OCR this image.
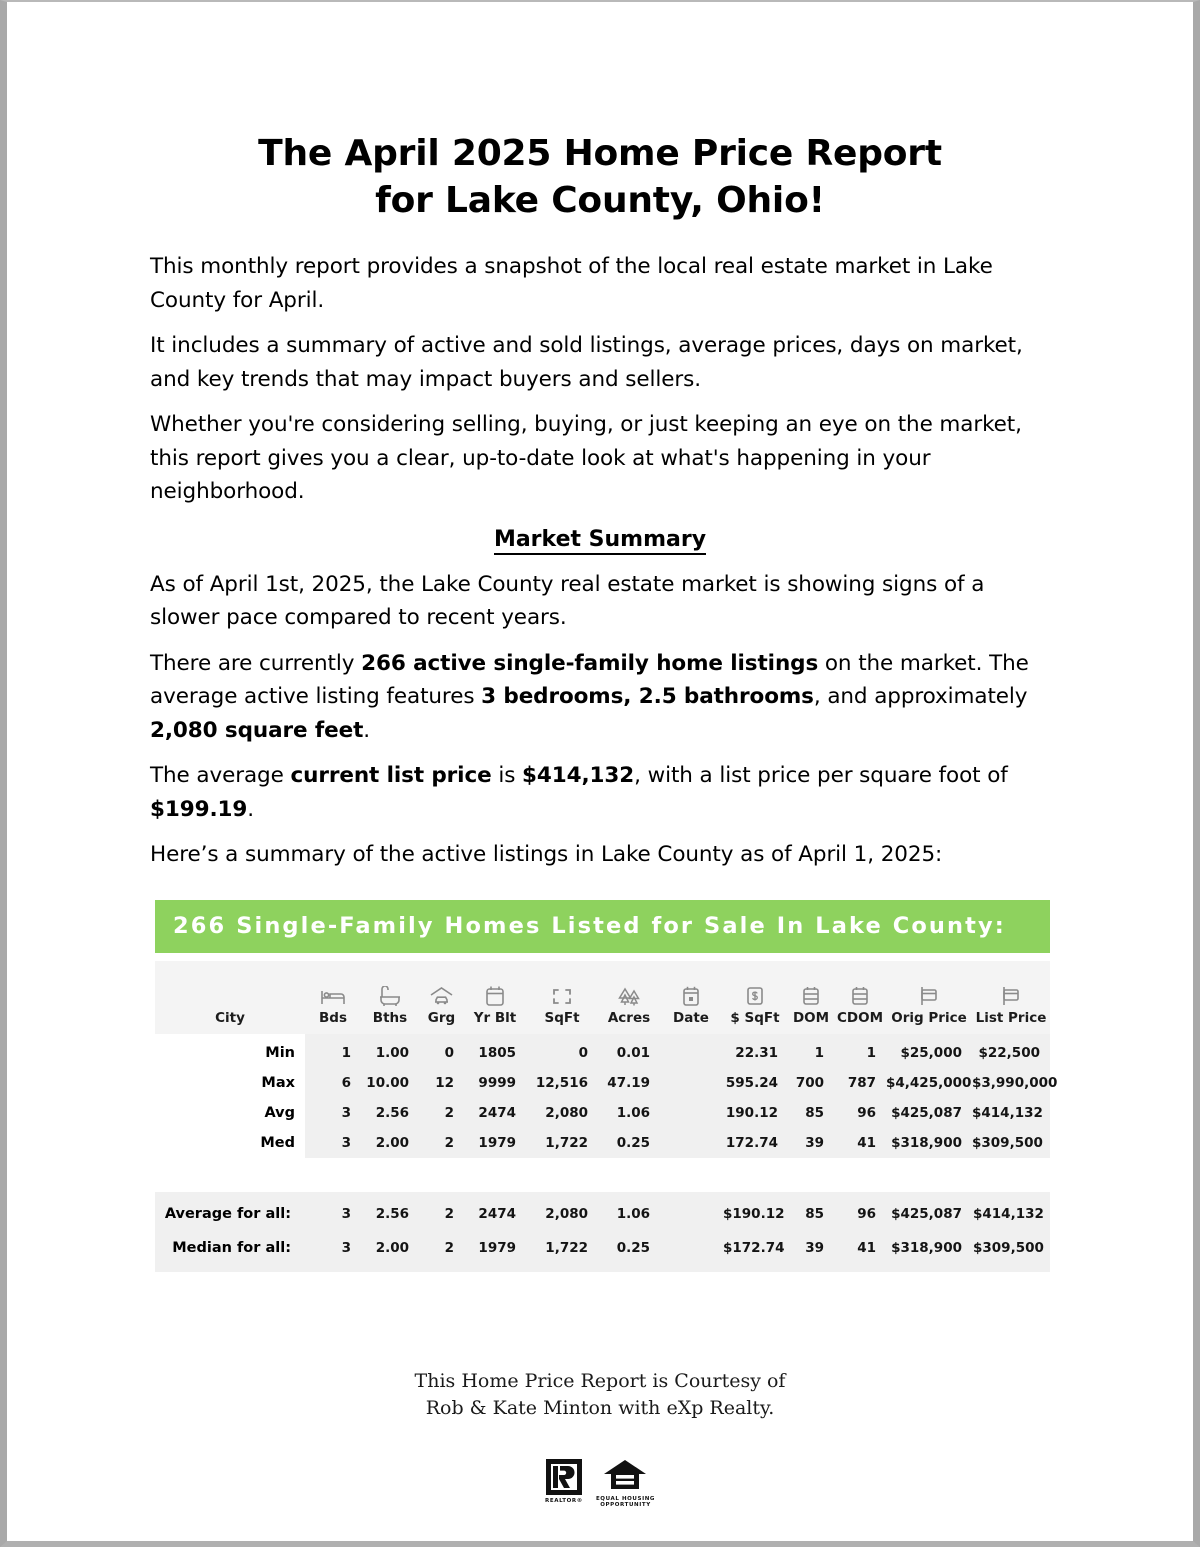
The April 2025 Home Price Report
for Lake County, Ohio!

This monthly report provides a snapshot of the local real estate market in Lake County for April.

It includes a summary of active and sold listings, average prices, days on market, and key trends that may impact buyers and sellers.

Whether you're considering selling, buying, or just keeping an eye on the market, this report gives you a clear, up-to-date look at what's happening in your neighborhood.

Market Summary

As of April 1st, 2025, the Lake County real estate market is showing signs of a slower pace compared to recent years.

There are currently 266 active single-family home listings on the market. The average active listing features 3 bedrooms, 2.5 bathrooms, and approximately 2,080 square feet.

The average current list price is $414,132, with a list price per square foot of $199.19.

Here’s a summary of the active listings in Lake County as of April 1, 2025:

266 Single-Family Homes Listed for Sale In Lake County:
City	Bds	Bths	Grg	Yr Blt	SqFt	Acres	Date	$ SqFt	DOM	CDOM	Orig Price	List Price

Min	1	1.00	0	1805	0	0.01		22.31	1	1	$25,000	$22,500
Max	6	10.00	12	9999	12,516	47.19		595.24	700	787	$4,425,000	$3,990,000
Avg	3	2.56	2	2474	2,080	1.06		190.12	85	96	$425,087	$414,132
Med	3	2.00	2	1979	1,722	0.25		172.74	39	41	$318,900	$309,500
Average for all:	3	2.56	2	2474	2,080	1.06		$190.12	85	96	$425,087	$414,132
Median for all:	3	2.00	2	1979	1,722	0.25		$172.74	39	41	$318,900	$309,500
This Home Price Report is Courtesy of
Rob & Kate Minton with eXp Realty.
REALTOR® EQUAL HOUSING
OPPORTUNITY
